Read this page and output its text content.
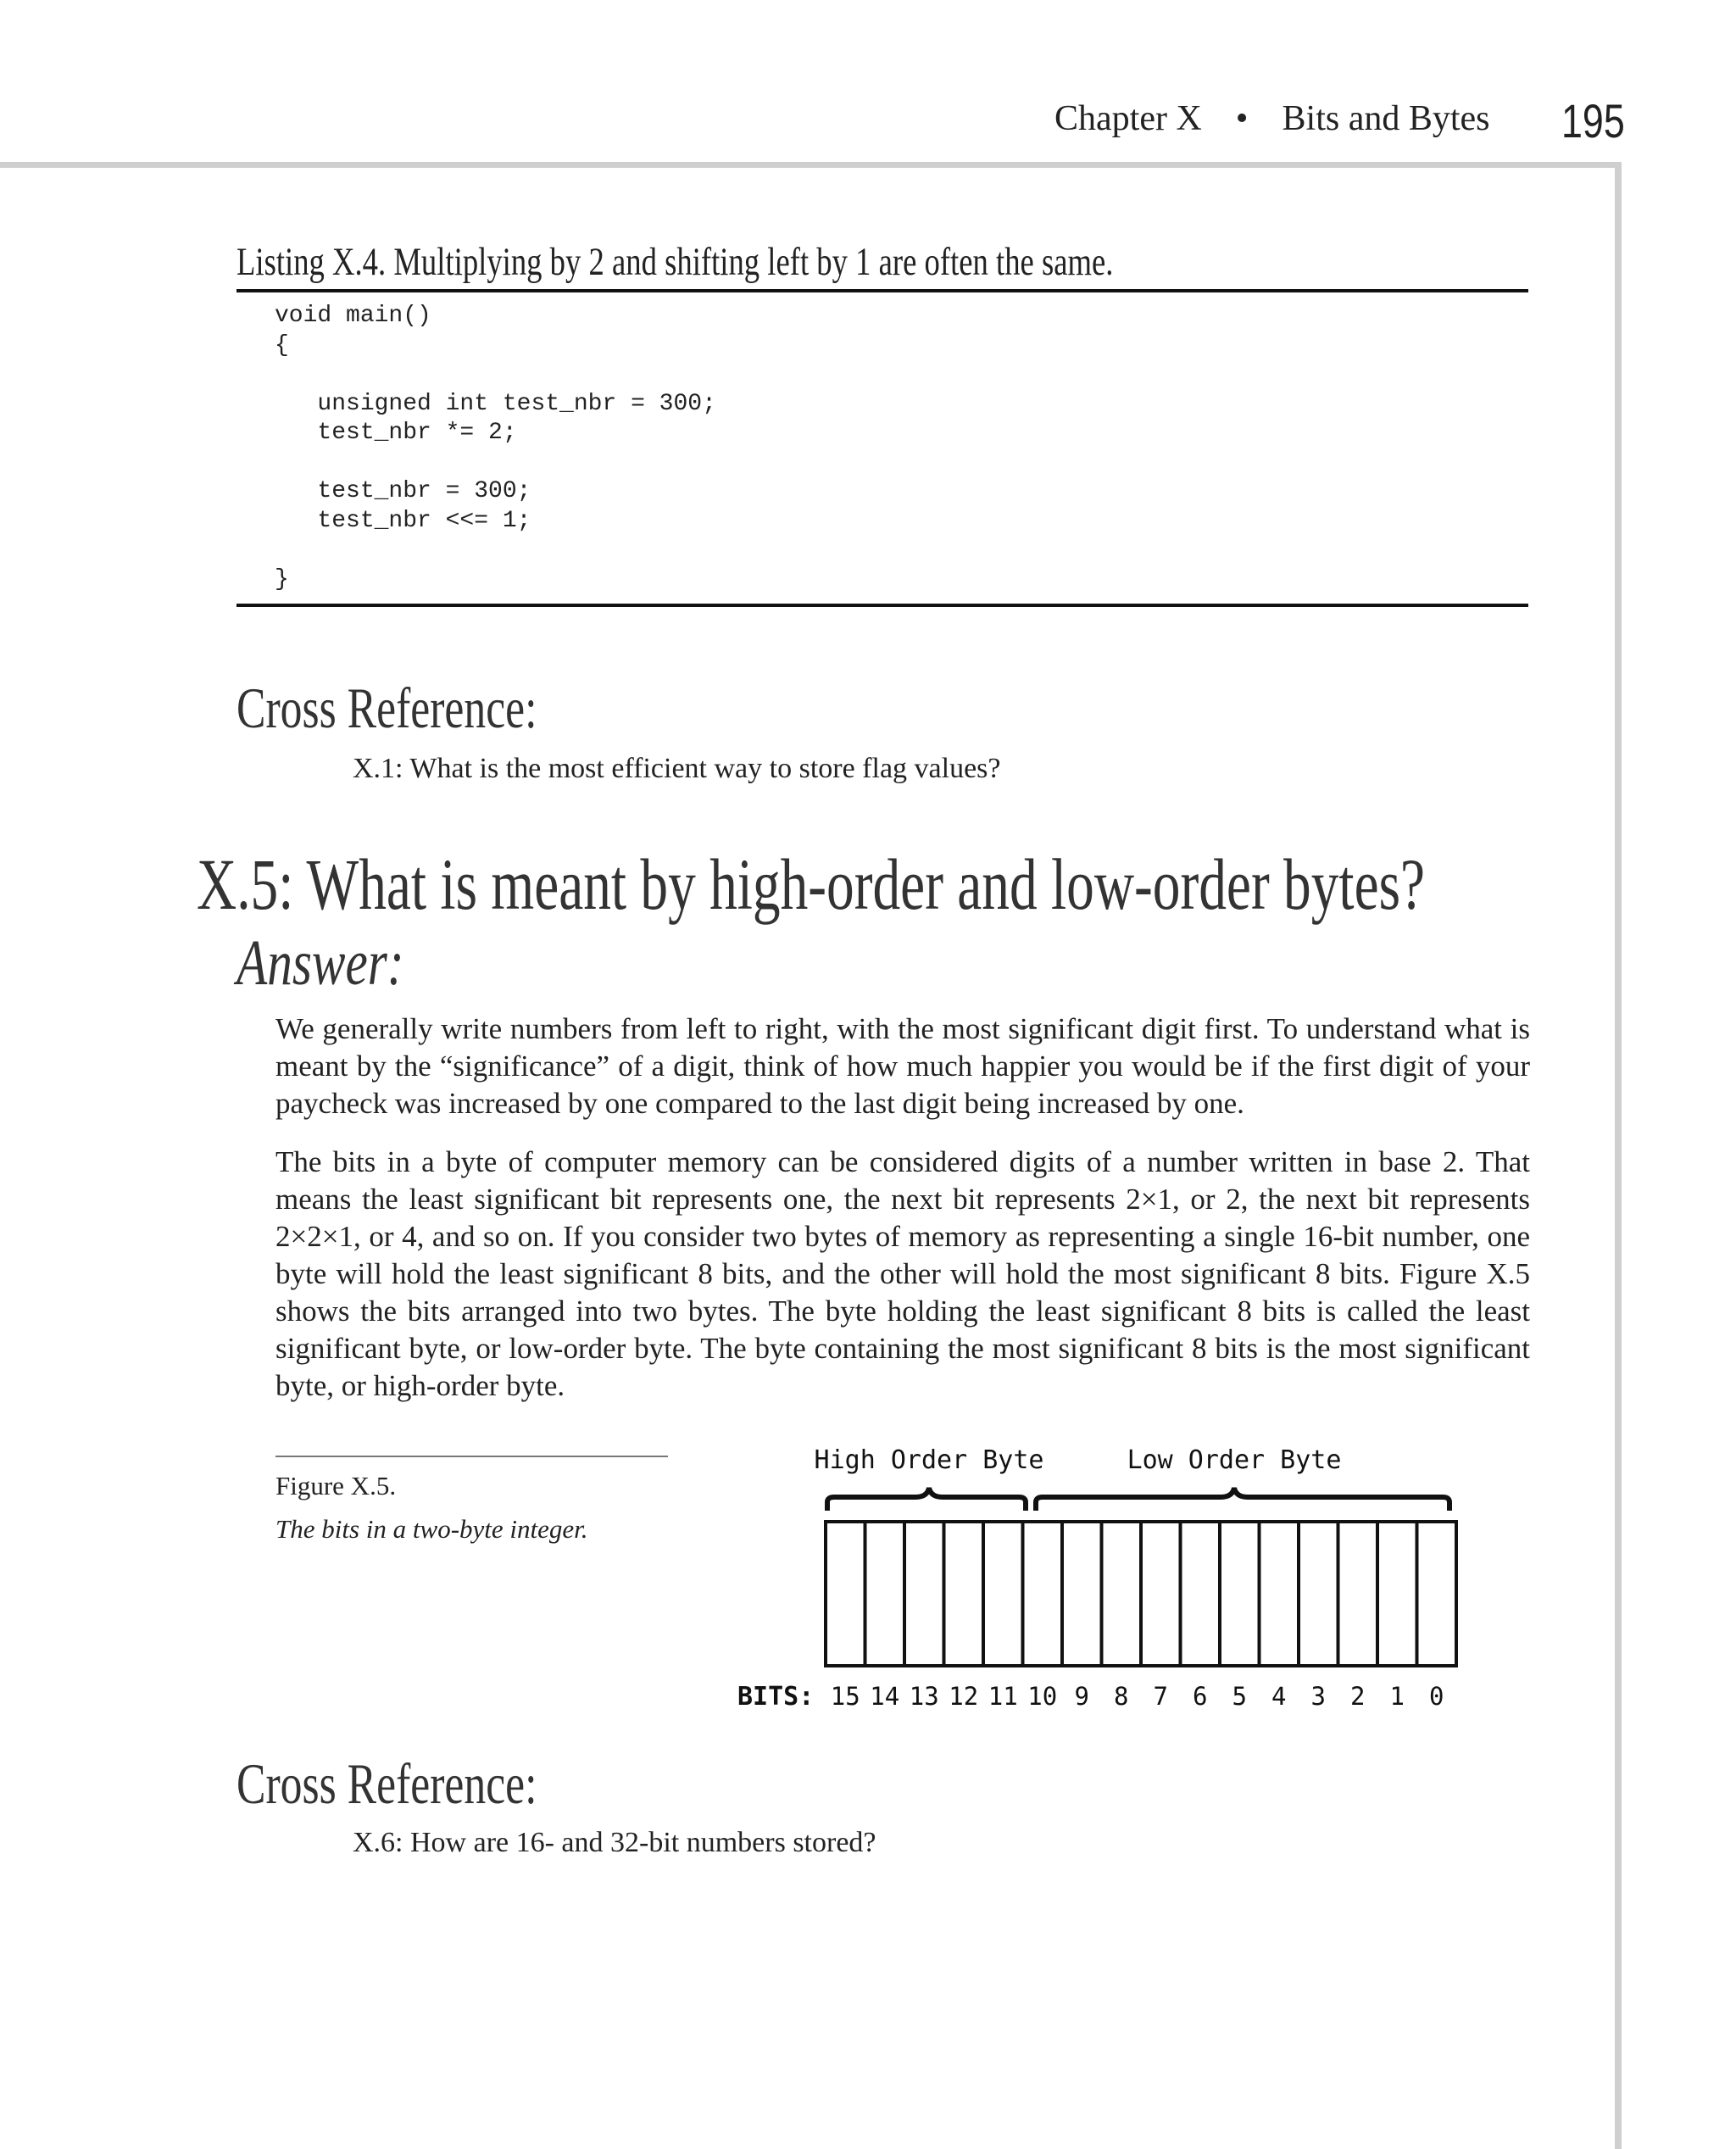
Chapter X • Bits and Bytes 195
Listing X.4. Multiplying by 2 and shifting left by 1 are often the same.
void main()
{

unsigned int test_nbr = 300;
test_nbr *= 2;

test_nbr = 300;
test_nbr <<= 1;

}
Cross Reference:
X.1: What is the most efficient way to store flag values?
X.5: What is meant by high-order and low-order bytes?
Answer:

We generally write numbers from left to right, with the most significant digit first. To understand what is meant by the “significance” of a digit, think of how much happier you would be if the first digit of your paycheck was increased by one compared to the last digit being increased by one.

The bits in a byte of computer memory can be considered digits of a number written in base 2. That means the least significant bit represents one, the next bit represents 2×1, or 2, the next bit represents 2×2×1, or 4, and so on. If you consider two bytes of memory as representing a single 16-bit number, one byte will hold the least significant 8 bits, and the other will hold the most significant 8 bits. Figure X.5 shows the bits arranged into two bytes. The byte holding the least significant 8 bits is called the least significant byte, or low-order byte. The byte containing the most significant 8 bits is the most significant byte, or high-order byte.

Figure X.5.
The bits in a two-byte integer.
High Order Byte	Low Order Byte
BITS: 15 14 13 12 11 10 9 8 7 6 5 4 3 2 1 0
Cross Reference:
X.6: How are 16- and 32-bit numbers stored?
